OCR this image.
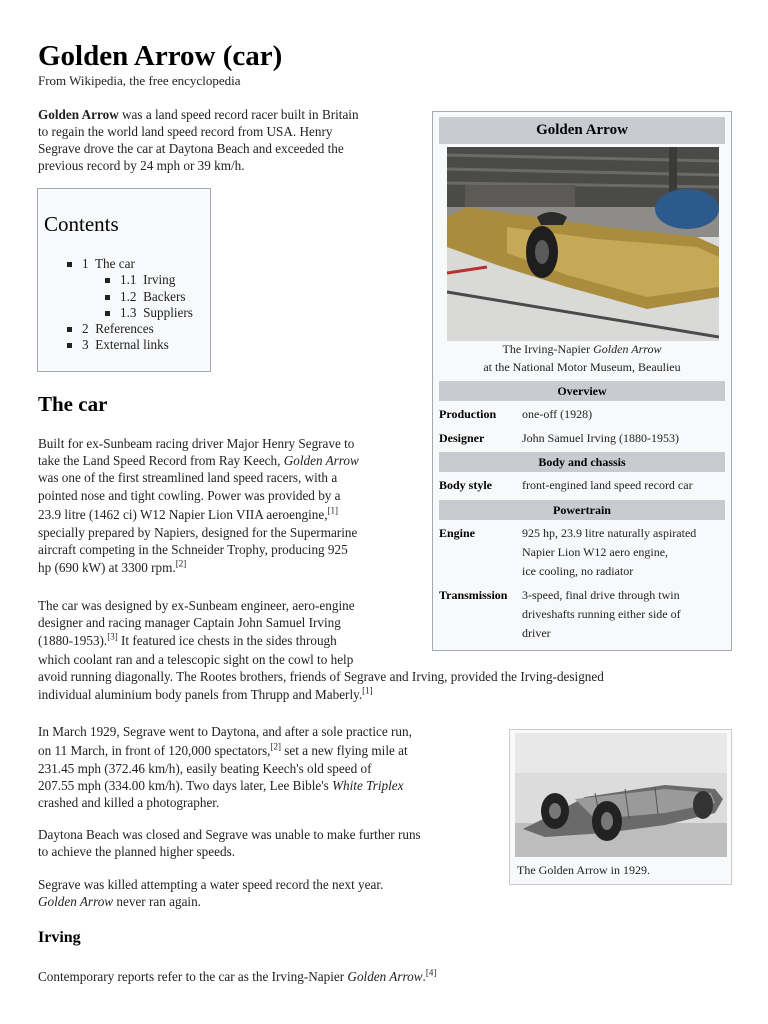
Golden Arrow (car)
From Wikipedia, the free encyclopedia

Golden Arrow was a land speed record racer built in Britain

to regain the world land speed record from USA. Henry

Segrave drove the car at Daytona Beach and exceeded the

previous record by 24 mph or 39 km/h.

Contents
1 The car
1.1 Irving
1.2 Backers
1.3 Suppliers
2 References
3 External links
The car

Built for ex-Sunbeam racing driver Major Henry Segrave to

take the Land Speed Record from Ray Keech, Golden Arrow

was one of the first streamlined land speed racers, with a

pointed nose and tight cowling. Power was provided by a

23.9 litre (1462 ci) W12 Napier Lion VIIA aeroengine,[1]

specially prepared by Napiers, designed for the Supermarine

aircraft competing in the Schneider Trophy, producing 925

hp (690 kW) at 3300 rpm.[2]

The car was designed by ex-Sunbeam engineer, aero-engine

designer and racing manager Captain John Samuel Irving

(1880-1953).[3] It featured ice chests in the sides through

which coolant ran and a telescopic sight on the cowl to help

avoid running diagonally. The Rootes brothers, friends of Segrave and Irving, provided the Irving-designed

individual aluminium body panels from Thrupp and Maberly.[1]

In March 1929, Segrave went to Daytona, and after a sole practice run,

on 11 March, in front of 120,000 spectators,[2] set a new flying mile at

231.45 mph (372.46 km/h), easily beating Keech's old speed of

207.55 mph (334.00 km/h). Two days later, Lee Bible's White Triplex

crashed and killed a photographer.

Daytona Beach was closed and Segrave was unable to make further runs

to achieve the planned higher speeds.

Segrave was killed attempting a water speed record the next year.

Golden Arrow never ran again.

Irving

Contemporary reports refer to the car as the Irving-Napier Golden Arrow.[4]

Golden Arrow
The Irving-Napier Golden Arrow
at the National Motor Museum, Beaulieu
Overview
Production one-off (1928)
Designer	John Samuel Irving (1880-1953)
Body and chassis
Body style front-engined land speed record car
Powertrain
Engine	925 hp, 23.9 litre naturally aspirated
Napier Lion W12 aero engine,
ice cooling, no radiator
Transmission 3-speed, final drive through twin
driveshafts running either side of
driver
The Golden Arrow in 1929.
